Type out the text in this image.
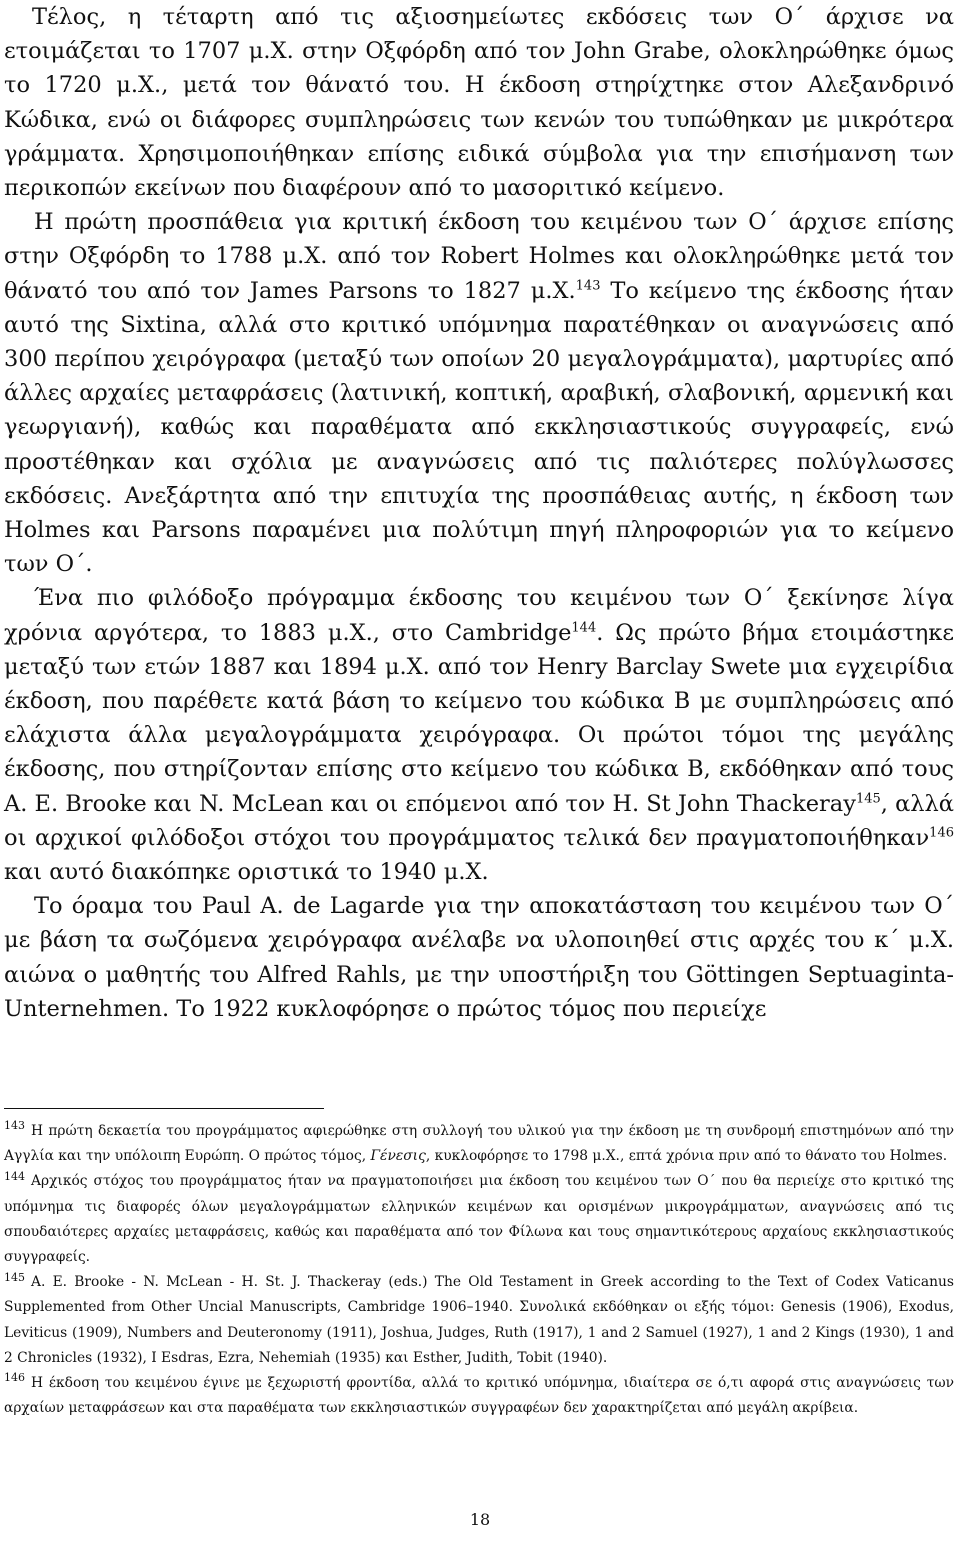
Τέλος, η τέταρτη από τις αξιοσημείωτες εκδόσεις των Ο΄ άρχισε να ετοιμάζεται το 1707 μ.Χ. στην Οξφόρδη από τον John Grabe, ολοκληρώθηκε όμως το 1720 μ.Χ., μετά τον θάνατό του. Η έκδοση στηρίχτηκε στον Αλεξανδρινό Κώδικα, ενώ οι διάφορες συμπληρώσεις των κενών του τυπώθηκαν με μικρότερα γράμματα. Χρησιμοποιήθηκαν επίσης ειδικά σύμβολα για την επισήμανση των περικοπών εκείνων που διαφέρουν από το μασοριτικό κείμενο.

Η πρώτη προσπάθεια για κριτική έκδοση του κειμένου των Ο΄ άρχισε επίσης στην Οξφόρδη το 1788 μ.Χ. από τον Robert Holmes και ολοκληρώθηκε μετά τον θάνατό του από τον James Parsons το 1827 μ.Χ.$^{143}$ Το κείμενο της έκδοσης ήταν αυτό της Sixtina, αλλά στο κριτικό υπόμνημα παρατέθηκαν οι αναγνώσεις από 300 περίπου χειρόγραφα (μεταξύ των οποίων 20 μεγαλογράμματα), μαρτυρίες από άλλες αρχαίες μεταφράσεις (λατινική, κοπτική, αραβική, σλαβονική, αρμενική και γεωργιανή), καθώς και παραθέματα από εκκλησιαστικούς συγγραφείς, ενώ προστέθηκαν και σχόλια με αναγνώσεις από τις παλιότερες πολύγλωσσες εκδόσεις. Ανεξάρτητα από την επιτυχία της προσπάθειας αυτής, η έκδοση των Holmes και Parsons παραμένει μια πολύτιμη πηγή πληροφοριών για το κείμενο των Ο΄.

Ένα πιο φιλόδοξο πρόγραμμα έκδοσης του κειμένου των Ο΄ ξεκίνησε λίγα χρόνια αργότερα, το 1883 μ.Χ., στο Cambridge$^{144}$. Ως πρώτο βήμα ετοιμάστηκε μεταξύ των ετών 1887 και 1894 μ.Χ. από τον Henry Barclay Swete μια εγχειρίδια έκδοση, που παρέθετε κατά βάση το κείμενο του κώδικα Β με συμπληρώσεις από ελάχιστα άλλα μεγαλογράμματα χειρόγραφα. Οι πρώτοι τόμοι της μεγάλης έκδοσης, που στηρίζονταν επίσης στο κείμενο του κώδικα Β, εκδόθηκαν από τους A. E. Brooke και N. McLean και οι επόμενοι από τον H. St John Thackeray$^{145}$, αλλά οι αρχικοί φιλόδοξοι στόχοι του προγράμματος τελικά δεν πραγματοποιήθηκαν$^{146}$ και αυτό διακόπηκε οριστικά το 1940 μ.Χ.

Το όραμα του Paul A. de Lagarde για την αποκατάσταση του κειμένου των Ο΄ με βάση τα σωζόμενα χειρόγραφα ανέλαβε να υλοποιηθεί στις αρχές του κ΄ μ.Χ. αιώνα ο μαθητής του Alfred Rahls, με την υποστήριξη του Göttingen Septuaginta-Unternehmen. Το 1922 κυκλοφόρησε ο πρώτος τόμος που περιείχε

$^{143}$ Η πρώτη δεκαετία του προγράμματος αφιερώθηκε στη συλλογή του υλικού για την έκδοση με τη συνδρομή επιστημόνων από την Αγγλία και την υπόλοιπη Ευρώπη. Ο πρώτος τόμος, Γένεσις, κυκλοφόρησε το 1798 μ.Χ., επτά χρόνια πριν από το θάνατο του Holmes.

$^{144}$ Αρχικός στόχος του προγράμματος ήταν να πραγματοποιήσει μια έκδοση του κειμένου των Ο΄ που θα περιείχε στο κριτικό της υπόμνημα τις διαφορές όλων μεγαλογράμματων ελληνικών κειμένων και ορισμένων μικρογράμματων, αναγνώσεις από τις σπουδαιότερες αρχαίες μεταφράσεις, καθώς και παραθέματα από τον Φίλωνα και τους σημαντικότερους αρχαίους εκκλησιαστικούς συγγραφείς.

$^{145}$ A. E. Brooke - N. McLean - H. St. J. Thackeray (eds.) The Old Testament in Greek according to the Text of Codex Vaticanus Supplemented from Other Uncial Manuscripts, Cambridge 1906–1940. Συνολικά εκδόθηκαν οι εξής τόμοι: Genesis (1906), Exodus, Leviticus (1909), Numbers and Deuteronomy (1911), Joshua, Judges, Ruth (1917), 1 and 2 Samuel (1927), 1 and 2 Kings (1930), 1 and 2 Chronicles (1932), I Esdras, Ezra, Nehemiah (1935) και Esther, Judith, Tobit (1940).

$^{146}$ Η έκδοση του κειμένου έγινε με ξεχωριστή φροντίδα, αλλά το κριτικό υπόμνημα, ιδιαίτερα σε ό,τι αφορά στις αναγνώσεις των αρχαίων μεταφράσεων και στα παραθέματα των εκκλησιαστικών συγγραφέων δεν χαρακτηρίζεται από μεγάλη ακρίβεια.

18
